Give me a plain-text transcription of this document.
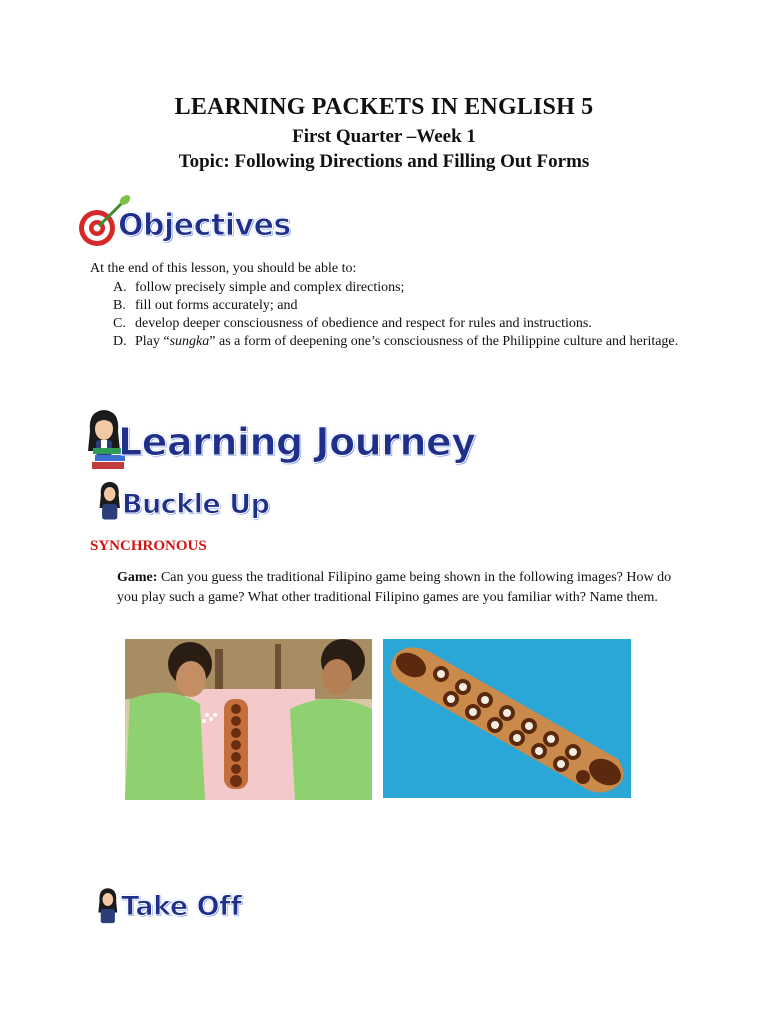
LEARNING PACKETS IN ENGLISH 5
First Quarter –Week 1
Topic: Following Directions and Filling Out Forms
Objectives
At the end of this lesson, you should be able to:
A. follow precisely simple and complex directions;
B. fill out forms accurately; and
C. develop deeper consciousness of obedience and respect for rules and instructions.
D. Play “sungka” as a form of deepening one’s consciousness of the Philippine culture and heritage.
Learning Journey
Buckle Up
SYNCHRONOUS
Game: Can you guess the traditional Filipino game being shown in the following images? How do you play such a game? What other traditional Filipino games are you familiar with? Name them.
Take Off
